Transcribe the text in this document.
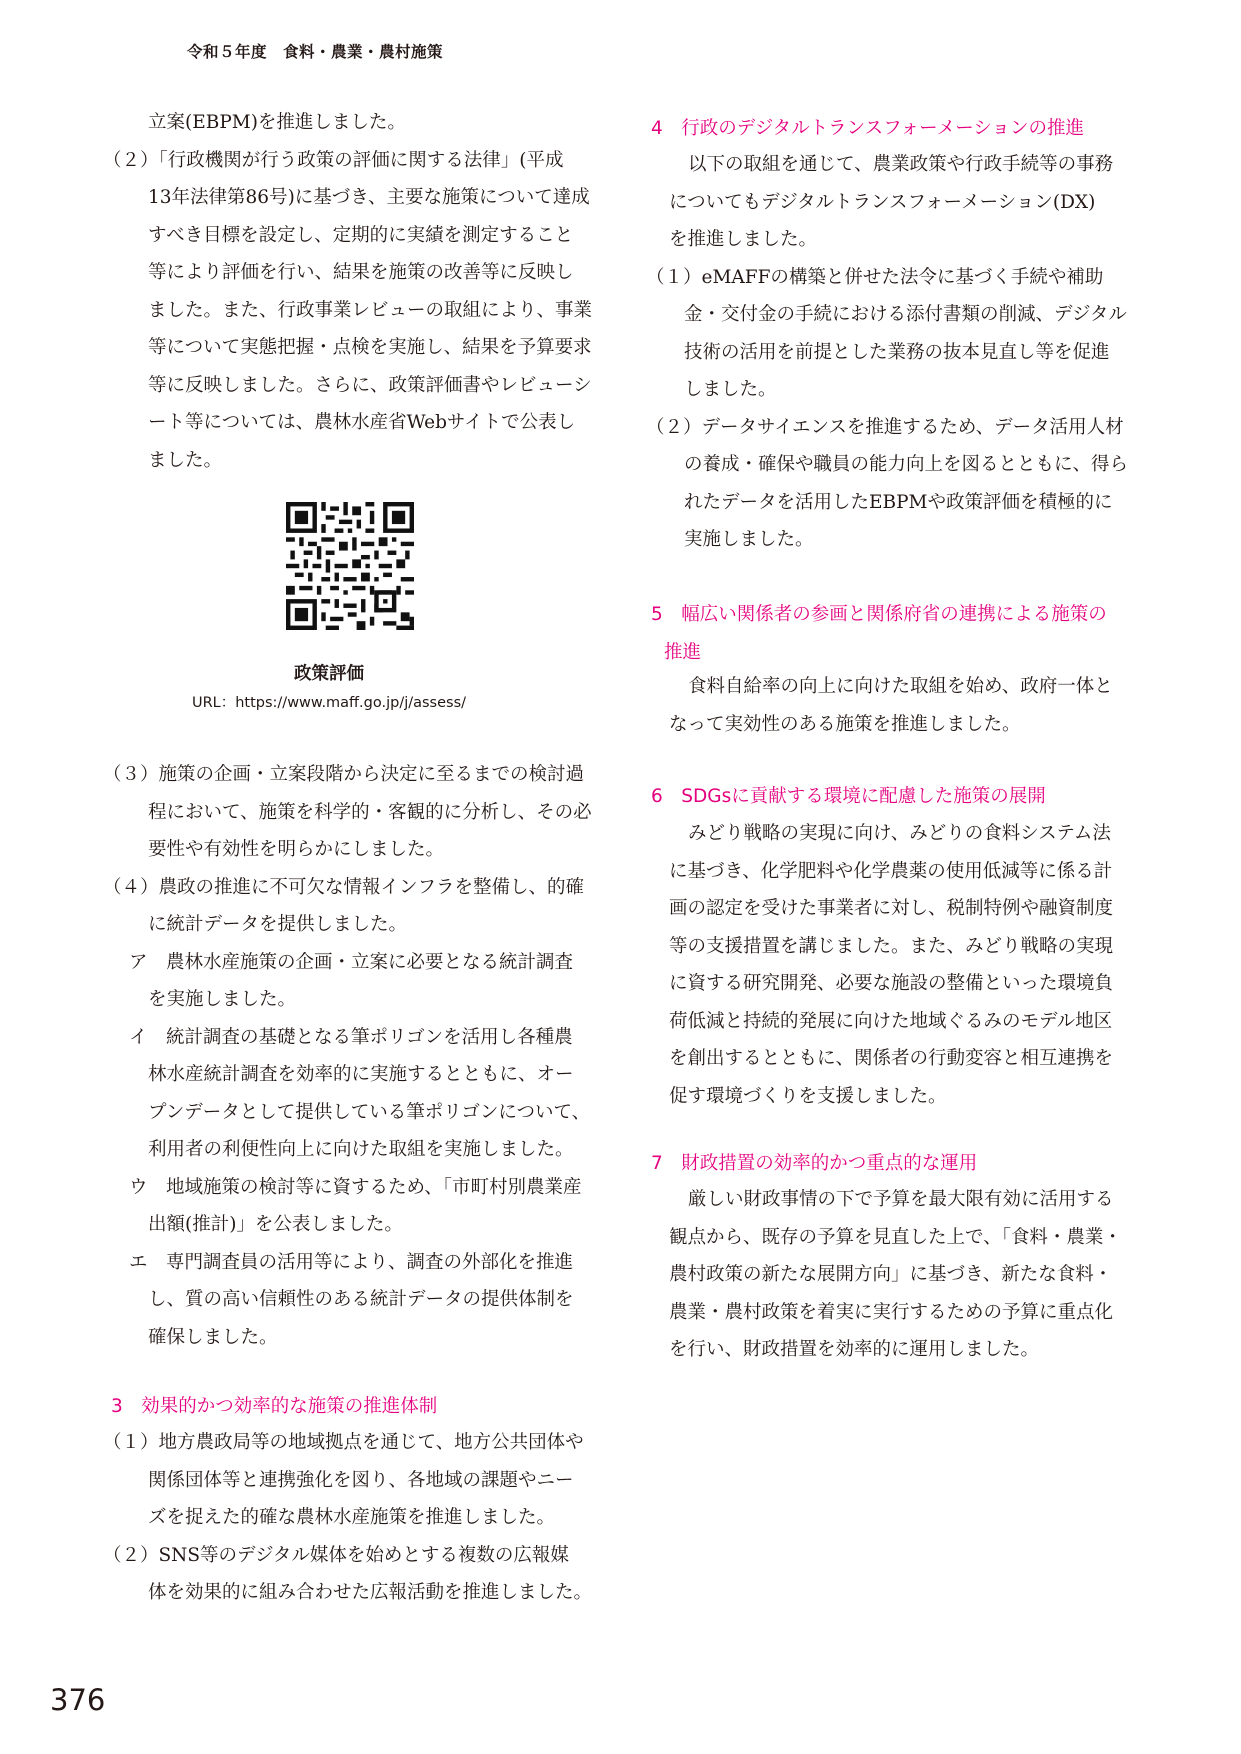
令和５年度　食料・農業・農村施策
立案(EBPM)を推進しました。
（２）「行政機関が行う政策の評価に関する法律」(平成
13年法律第86号)に基づき、主要な施策について達成
すべき目標を設定し、定期的に実績を測定すること
等により評価を行い、結果を施策の改善等に反映し
ました。また、行政事業レビューの取組により、事業
等について実態把握・点検を実施し、結果を予算要求
等に反映しました。さらに、政策評価書やレビューシ
ート等については、農林水産省Webサイトで公表し
ました。
政策評価
URL：https://www.maff.go.jp/j/assess/
（３）施策の企画・立案段階から決定に至るまでの検討過
程において、施策を科学的・客観的に分析し、その必
要性や有効性を明らかにしました。
（４）農政の推進に不可欠な情報インフラを整備し、的確
に統計データを提供しました。
ア　農林水産施策の企画・立案に必要となる統計調査
を実施しました。
イ　統計調査の基礎となる筆ポリゴンを活用し各種農
林水産統計調査を効率的に実施するとともに、オー
プンデータとして提供している筆ポリゴンについて、
利用者の利便性向上に向けた取組を実施しました。
ウ　地域施策の検討等に資するため、「市町村別農業産
出額(推計)」を公表しました。
エ　専門調査員の活用等により、調査の外部化を推進
し、質の高い信頼性のある統計データの提供体制を
確保しました。
3　効果的かつ効率的な施策の推進体制
（１）地方農政局等の地域拠点を通じて、地方公共団体や
関係団体等と連携強化を図り、各地域の課題やニー
ズを捉えた的確な農林水産施策を推進しました。
（２）SNS等のデジタル媒体を始めとする複数の広報媒
体を効果的に組み合わせた広報活動を推進しました。
4　行政のデジタルトランスフォーメーションの推進
以下の取組を通じて、農業政策や行政手続等の事務
についてもデジタルトランスフォーメーション(DX)
を推進しました。
（１）eMAFFの構築と併せた法令に基づく手続や補助
金・交付金の手続における添付書類の削減、デジタル
技術の活用を前提とした業務の抜本見直し等を促進
しました。
（２）データサイエンスを推進するため、データ活用人材
の養成・確保や職員の能力向上を図るとともに、得ら
れたデータを活用したEBPMや政策評価を積極的に
実施しました。
5　幅広い関係者の参画と関係府省の連携による施策の
推進
食料自給率の向上に向けた取組を始め、政府一体と
なって実効性のある施策を推進しました。
6　SDGsに貢献する環境に配慮した施策の展開
みどり戦略の実現に向け、みどりの食料システム法
に基づき、化学肥料や化学農薬の使用低減等に係る計
画の認定を受けた事業者に対し、税制特例や融資制度
等の支援措置を講じました。また、みどり戦略の実現
に資する研究開発、必要な施設の整備といった環境負
荷低減と持続的発展に向けた地域ぐるみのモデル地区
を創出するとともに、関係者の行動変容と相互連携を
促す環境づくりを支援しました。
7　財政措置の効率的かつ重点的な運用
厳しい財政事情の下で予算を最大限有効に活用する
観点から、既存の予算を見直した上で、「食料・農業・
農村政策の新たな展開方向」に基づき、新たな食料・
農業・農村政策を着実に実行するための予算に重点化
を行い、財政措置を効率的に運用しました。
376
